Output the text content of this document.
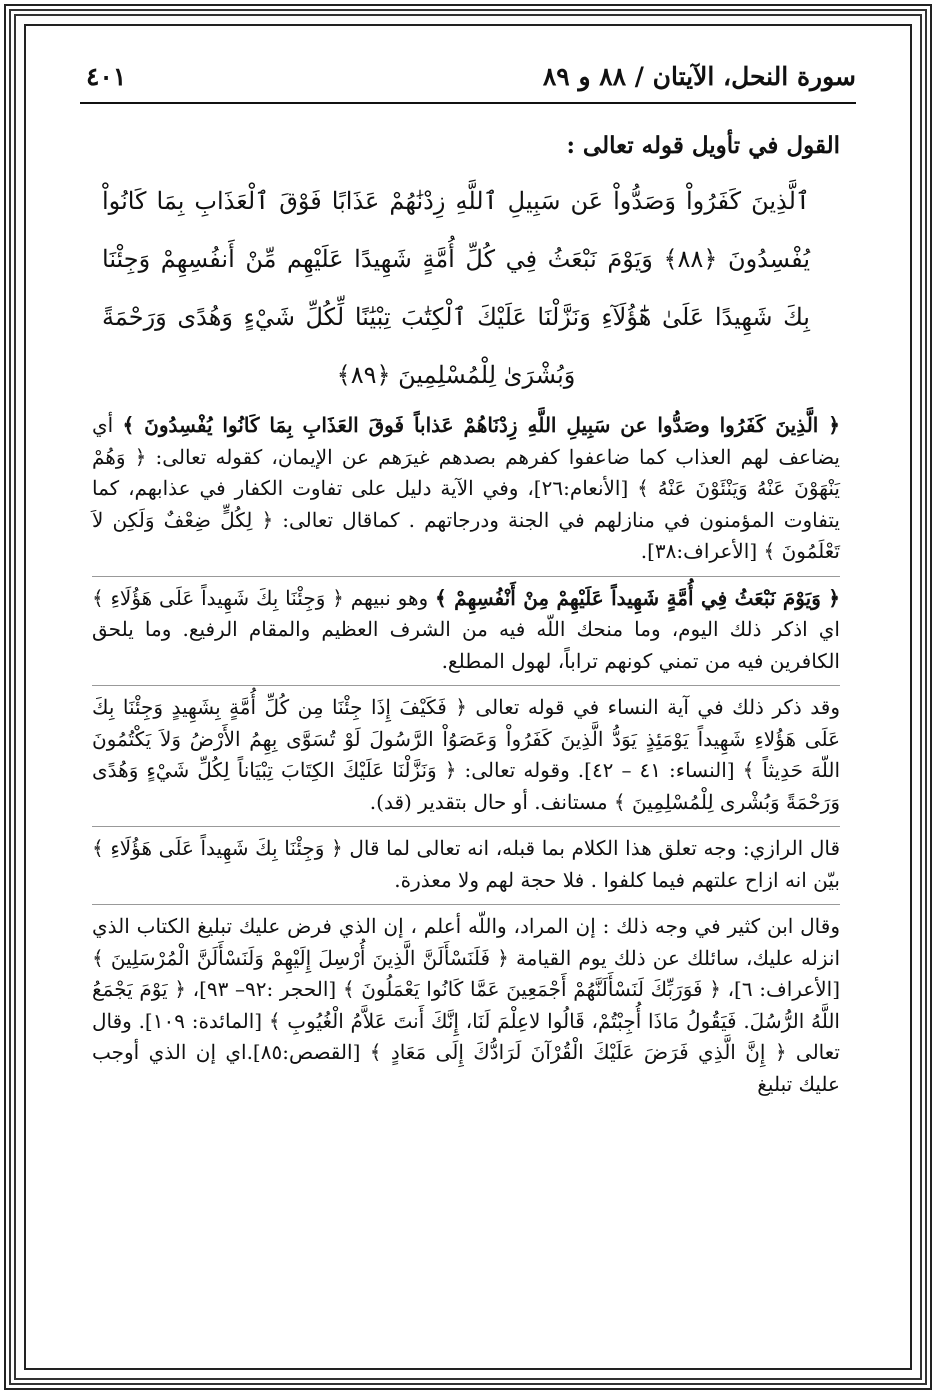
سورة النحل، الآيتان / ٨٨ و ٨٩
٤٠١
القول في تأويل قوله تعالى :
ٱلَّذِينَ كَفَرُواْ وَصَدُّواْ عَن سَبِيلِ ٱللَّهِ زِدْنَٰهُمْ عَذَابًا فَوْقَ ٱلْعَذَابِ بِمَا كَانُواْ يُفْسِدُونَ ﴿٨٨﴾ وَيَوْمَ نَبْعَثُ فِي كُلِّ أُمَّةٍ شَهِيدًا عَلَيْهِم مِّنْ أَنفُسِهِمْ وَجِئْنَا بِكَ شَهِيدًا عَلَىٰ هَٰٓؤُلَآءِ وَنَزَّلْنَا عَلَيْكَ ٱلْكِتَٰبَ تِبْيَٰنًا لِّكُلِّ شَيْءٍ وَهُدًى وَرَحْمَةً وَبُشْرَىٰ لِلْمُسْلِمِينَ ﴿٨٩﴾

﴿ الَّذِينَ كَفَرُوا وصَدُّوا عن سَبِيلِ اللَّهِ زِدْنَاهُمْ عَذاباً فَوقَ العَذَابِ بِمَا كَانُوا يُفْسِدُونَ ﴾ أي يضاعف لهم العذاب كما ضاعفوا كفرهم بصدهم غيرَهم عن الإيمان، كقوله تعالى: ﴿ وَهُمْ يَنْهَوْنَ عَنْهُ وَيَنْئَوْنَ عَنْهُ ﴾ [الأنعام:٢٦]، وفي الآية دليل على تفاوت الكفار في عذابهم، كما يتفاوت المؤمنون في منازلهم في الجنة ودرجاتهم . كماقال تعالى: ﴿ لِكُلٍّ ضِعْفٌ وَلَكِن لاَ تَعْلَمُونَ ﴾ [الأعراف:٣٨].

﴿ وَيَوْمَ نَبْعَثُ فِي أُمَّةٍ شَهِيداً عَلَيْهِمْ مِنْ أَنْفُسِهِمْ ﴾ وهو نبيهم ﴿ وَجِئْنَا بِكَ شَهِيداً عَلَى هَؤُلَاءِ ﴾ اي اذكر ذلك اليوم، وما منحك اللّه فيه من الشرف العظيم والمقام الرفيع. وما يلحق الكافرين فيه من تمني كونهم تراباً، لهول المطلع.

وقد ذكر ذلك في آية النساء في قوله تعالى ﴿ فَكَيْفَ إِذَا جِئْنَا مِن كُلِّ أُمَّةٍ بِشَهِيدٍ وَجِئْنَا بِكَ عَلَى هَؤُلاءِ شَهِيداً يَوْمَئِذٍ يَوَدُّ الَّذِينَ كَفَرُواْ وَعَصَوُاْ الرَّسُولَ لَوْ تُسَوَّى بِهِمُ الأَرْضُ وَلاَ يَكْتُمُونَ اللّهَ حَدِيثاً ﴾ [النساء: ٤١ – ٤٢]. وقوله تعالى: ﴿ وَنَزَّلْنَا عَلَيْكَ الكِتَابَ تِبْيَاناً لِكُلِّ شَيْءٍ وَهُدًى وَرَحْمَةً وَبُشْرى لِلْمُسْلِمِينَ ﴾ مستانف. أو حال بتقدير (قد).

قال الرازي: وجه تعلق هذا الكلام بما قبله، انه تعالى لما قال ﴿ وَجِئْنَا بِكَ شَهِيداً عَلَى هَؤُلَاءِ ﴾ بيّن انه ازاح علتهم فيما كلفوا . فلا حجة لهم ولا معذرة.

وقال ابن كثير في وجه ذلك : إن المراد، واللّه أعلم ، إن الذي فرض عليك تبليغ الكتاب الذي انزله عليك، سائلك عن ذلك يوم القيامة ﴿ فَلَنَسْأَلَنَّ الَّذِينَ أُرْسِلَ إِلَيْهِمْ وَلَنَسْأَلَنَّ الْمُرْسَلِينَ ﴾ [الأعراف: ٦]، ﴿ فَوَرَبِّكَ لَنَسْأَلَنَّهُمْ أَجْمَعِينَ عَمَّا كَانُوا يَعْمَلُونَ ﴾ [الحجر :٩٢– ٩٣]، ﴿ يَوْمَ يَجْمَعُ اللَّهُ الرُّسُلَ. فَيَقُولُ مَاذَا أُجِبْتُمْ، قَالُوا لاعِلْمَ لَنَا، إِنَّكَ أَنتَ عَلاَّمُ الْغُيُوبِ ﴾ [المائدة: ١٠٩]. وقال تعالى ﴿ إِنَّ الَّذِي فَرَضَ عَلَيْكَ الْقُرْآنَ لَرَادُّكَ إِلَى مَعَادٍ ﴾ [القصص:٨٥].اي إن الذي أوجب عليك تبليغ
